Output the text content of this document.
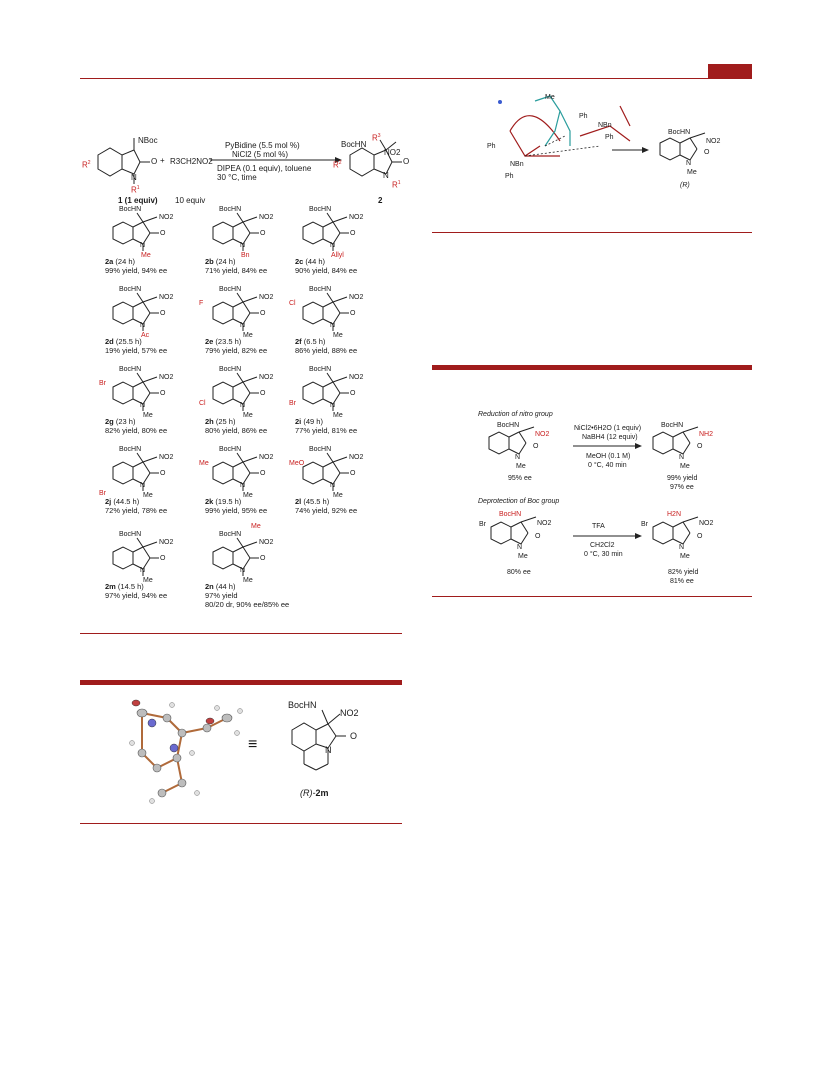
NBoc
$R^2$	O
N
$R^1$
+ R3CH2NO2
1 (1 equiv) 10 equiv
PyBidine (5.5 mol %)
NiCl2 (5 mol %)
DIPEA (0.1 equiv), toluene
30 °C, time
BocHN
NO2
$R^3$
$R^2$	O
N
$R^1$
2
BocHN
NO2
O
N
Me
2a (24 h)
99% yield, 94% ee
BocHN
NO2
O
N
Bn
2b (24 h)
71% yield, 84% ee
BocHN
NO2
O
N
Allyl
2c (44 h)
90% yield, 84% ee
BocHN
NO2
O
N
Ac
2d (25.5 h)
19% yield, 57% ee
BocHN
NO2
O
N
Me
F
2e (23.5 h)
79% yield, 82% ee
BocHN
NO2
O
N
Me
Cl
2f (6.5 h)
86% yield, 88% ee
BocHN
NO2
O
N
Me
Br
2g (23 h)
82% yield, 80% ee
BocHN
NO2
O
N
Me
Cl
2h (25 h)
80% yield, 86% ee
BocHN
NO2
O
N
Me
Br
2i (49 h)
77% yield, 81% ee
BocHN
NO2
O
N
Me
Br
2j (44.5 h)
72% yield, 78% ee
BocHN
NO2
O
N
Me
Me
2k (19.5 h)
99% yield, 95% ee
BocHN
NO2
O
N
Me
MeO
2l (45.5 h)
74% yield, 92% ee
BocHN
NO2
O
N
Me
2m (14.5 h)
97% yield, 94% ee
BocHN
NO2
O
N
Me
Me
2n (44 h)
97% yield
80/20 dr, 90% ee/85% ee
≡
BocHN
NO2
O
N
(R)-2m
Ph
Ph
Ph
Ph
NBn
NBn
Me
BocHN
NO2
O
N
Me
(R)
Reduction of nitro group
BocHN
NO2
O
N
Me
95% ee
NiCl2•6H2O (1 equiv)
NaBH4 (12 equiv)
MeOH (0.1 M)
0 °C, 40 min
BocHN
NH2
O
N
Me
99% yield
97% ee
Deprotection of Boc group
Br
BocHN
NO2
O
N
Me
80% ee
TFA
CH2Cl2
0 °C, 30 min
Br
H2N
NO2
O
N
Me
82% yield
81% ee
